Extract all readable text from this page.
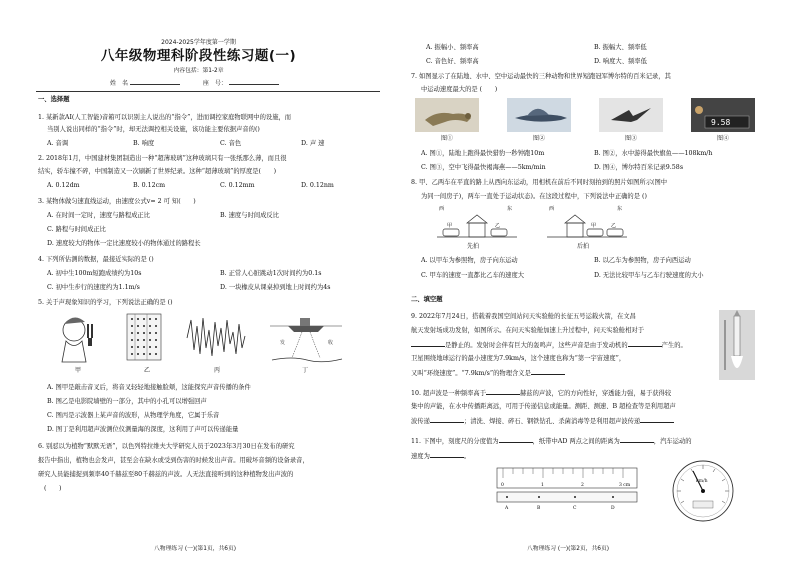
2024-2025学年度第一学期
八年级物理科阶段性练习题(一)
内容包括：第1-2章
姓　名	座　号：
一、选择题
1. 某新款AI(人工智能)音箱可以识别主人说出的“指令”，进而调控家庭物联网中的设施，而
当别人说出同样的“指令”时，却无法调控相关设施，该功能主要依据声音的()
A. 音调	B. 响度	C. 音色	D. 声 速
2. 2018年1月，中国建材集团制造出一种“超薄玻璃”这种玻璃只有一张纸那么薄，而且很
结实，轿车撞不碎，中国制造又一次刷新了世界纪录。这种“超薄玻璃”的厚度是(　　)
A. 0.12dm	B. 0.12cm	C. 0.12mm	D. 0.12nm
3. 某物体做匀速直线运动，由速度公式v= 2 可 知(　　)
A. 在时间一定时，速度与路程成正比	B. 速度与时间成反比
C. 路程与时间成正比
D. 速度较大的物体一定比速度较小的物体通过的路程长
4. 下列所估测的数据，最接近实际的是 ()
A. 初中生100m短跑成绩约为10s	B. 正常人心脏跳动1次时间约为0.1s
C. 初中生步行的速度约为1.1m/s	D. 一块橡皮从课桌掉到地上时间约为4s
5. 关于声现象知识的学习，下列说法正确的是 ()
发	收
甲	乙	丙	丁
A. 图甲是敲击音叉后，将音叉轻轻地接触脸颊，这能探究声音传播的条件
B. 图乙是电影院墙壁的一部分，其中的小孔可以增强回声
C. 图丙是示波器上某声音的波形，从物理学角度，它属于乐音
D. 图丁是利用超声波测位仪测量海的深度，这利用了声可以传递能量
6. 别怼以为植物“默默无语”，以色列特拉维夫大学研究人员于2023年3月30日在发布的研究
报告中指出，植物也会发声，甚至会在缺水或受到伤害的时候发出声音。用破坏音频的设备录音，
研究人员能捕捉到频率40千赫兹至80千赫兹的声波。人无法直接听到的这种植物发出声波的
(　　)
八物理练习 (一)(第1页，共6页)
A. 振幅小、频率高	B. 振幅大、频率低
C. 音色好、频率高	D. 响度大、频率低
7. 如图显示了在陆地、水中、空中运动最快的三种动物和世界短跑冠军博尔特的百米记录，其
中运动速度最大的是 (　　)
9.58
图①	图②	图③	图④
A. 图①，陆地上跑得最快猎豹一秒钟跑10m	B. 图②，水中游得最快旗鱼——108km/h
C. 图③，空中飞得最快褐海燕——5km/min	D. 图④，博尔特百米记录9.58s
8. 甲、乙两车在平直的路上从西向东运动，用相机在前后不同时刻拍到的照片如图所示(图中
为同一间房子)，两车一直处于运动状态)。在这段过程中，下列说法中正确的是 ()
西	东
甲	乙
西	东
甲	乙
先拍	后拍
A. 以甲车为参照物，房子向东运动	B. 以乙车为参照物，房子向西运动
C. 甲车的速度一直都比乙车的速度大	D. 无法比较甲车与乙车行驶速度的大小
二、填空题
9. 2022年7月24日，搭载着我国空间站问天实验舱的长征五号运载火箭，在文昌
航天发射场成功发射，如图所示。在问天实验舱加速上升过程中，问天实验舱相对于
是静止的。发射时会伴有巨大的轰鸣声，这些声音是由于发动机的	产生的。
卫星围绕地球运行的最小速度为7.9km/s，这个速度也称为“第一宇宙速度”，
又叫“环绕速度”。“7.9km/s”的物理含义是
10. 超声波是一种频率高于	赫兹的声波，它的方向性好，穿透能力强，易于获得较
集中的声能，在水中传播距离远，可用于传递信息或能量。测距、测速、B 超检查等是利用超声
波传递	；清洗、焊接、碎石、钢铁钻孔、杀菌消毒等是利用超声波传递
11. 下图中，刻度尺的分度值为	，纸带中AD 两点之间的距离为	，汽车运动的
速度为	。
0	1	2	3 cm
A	B	C	D
km/h
八物理练习 (一)(第2页，共6页)
